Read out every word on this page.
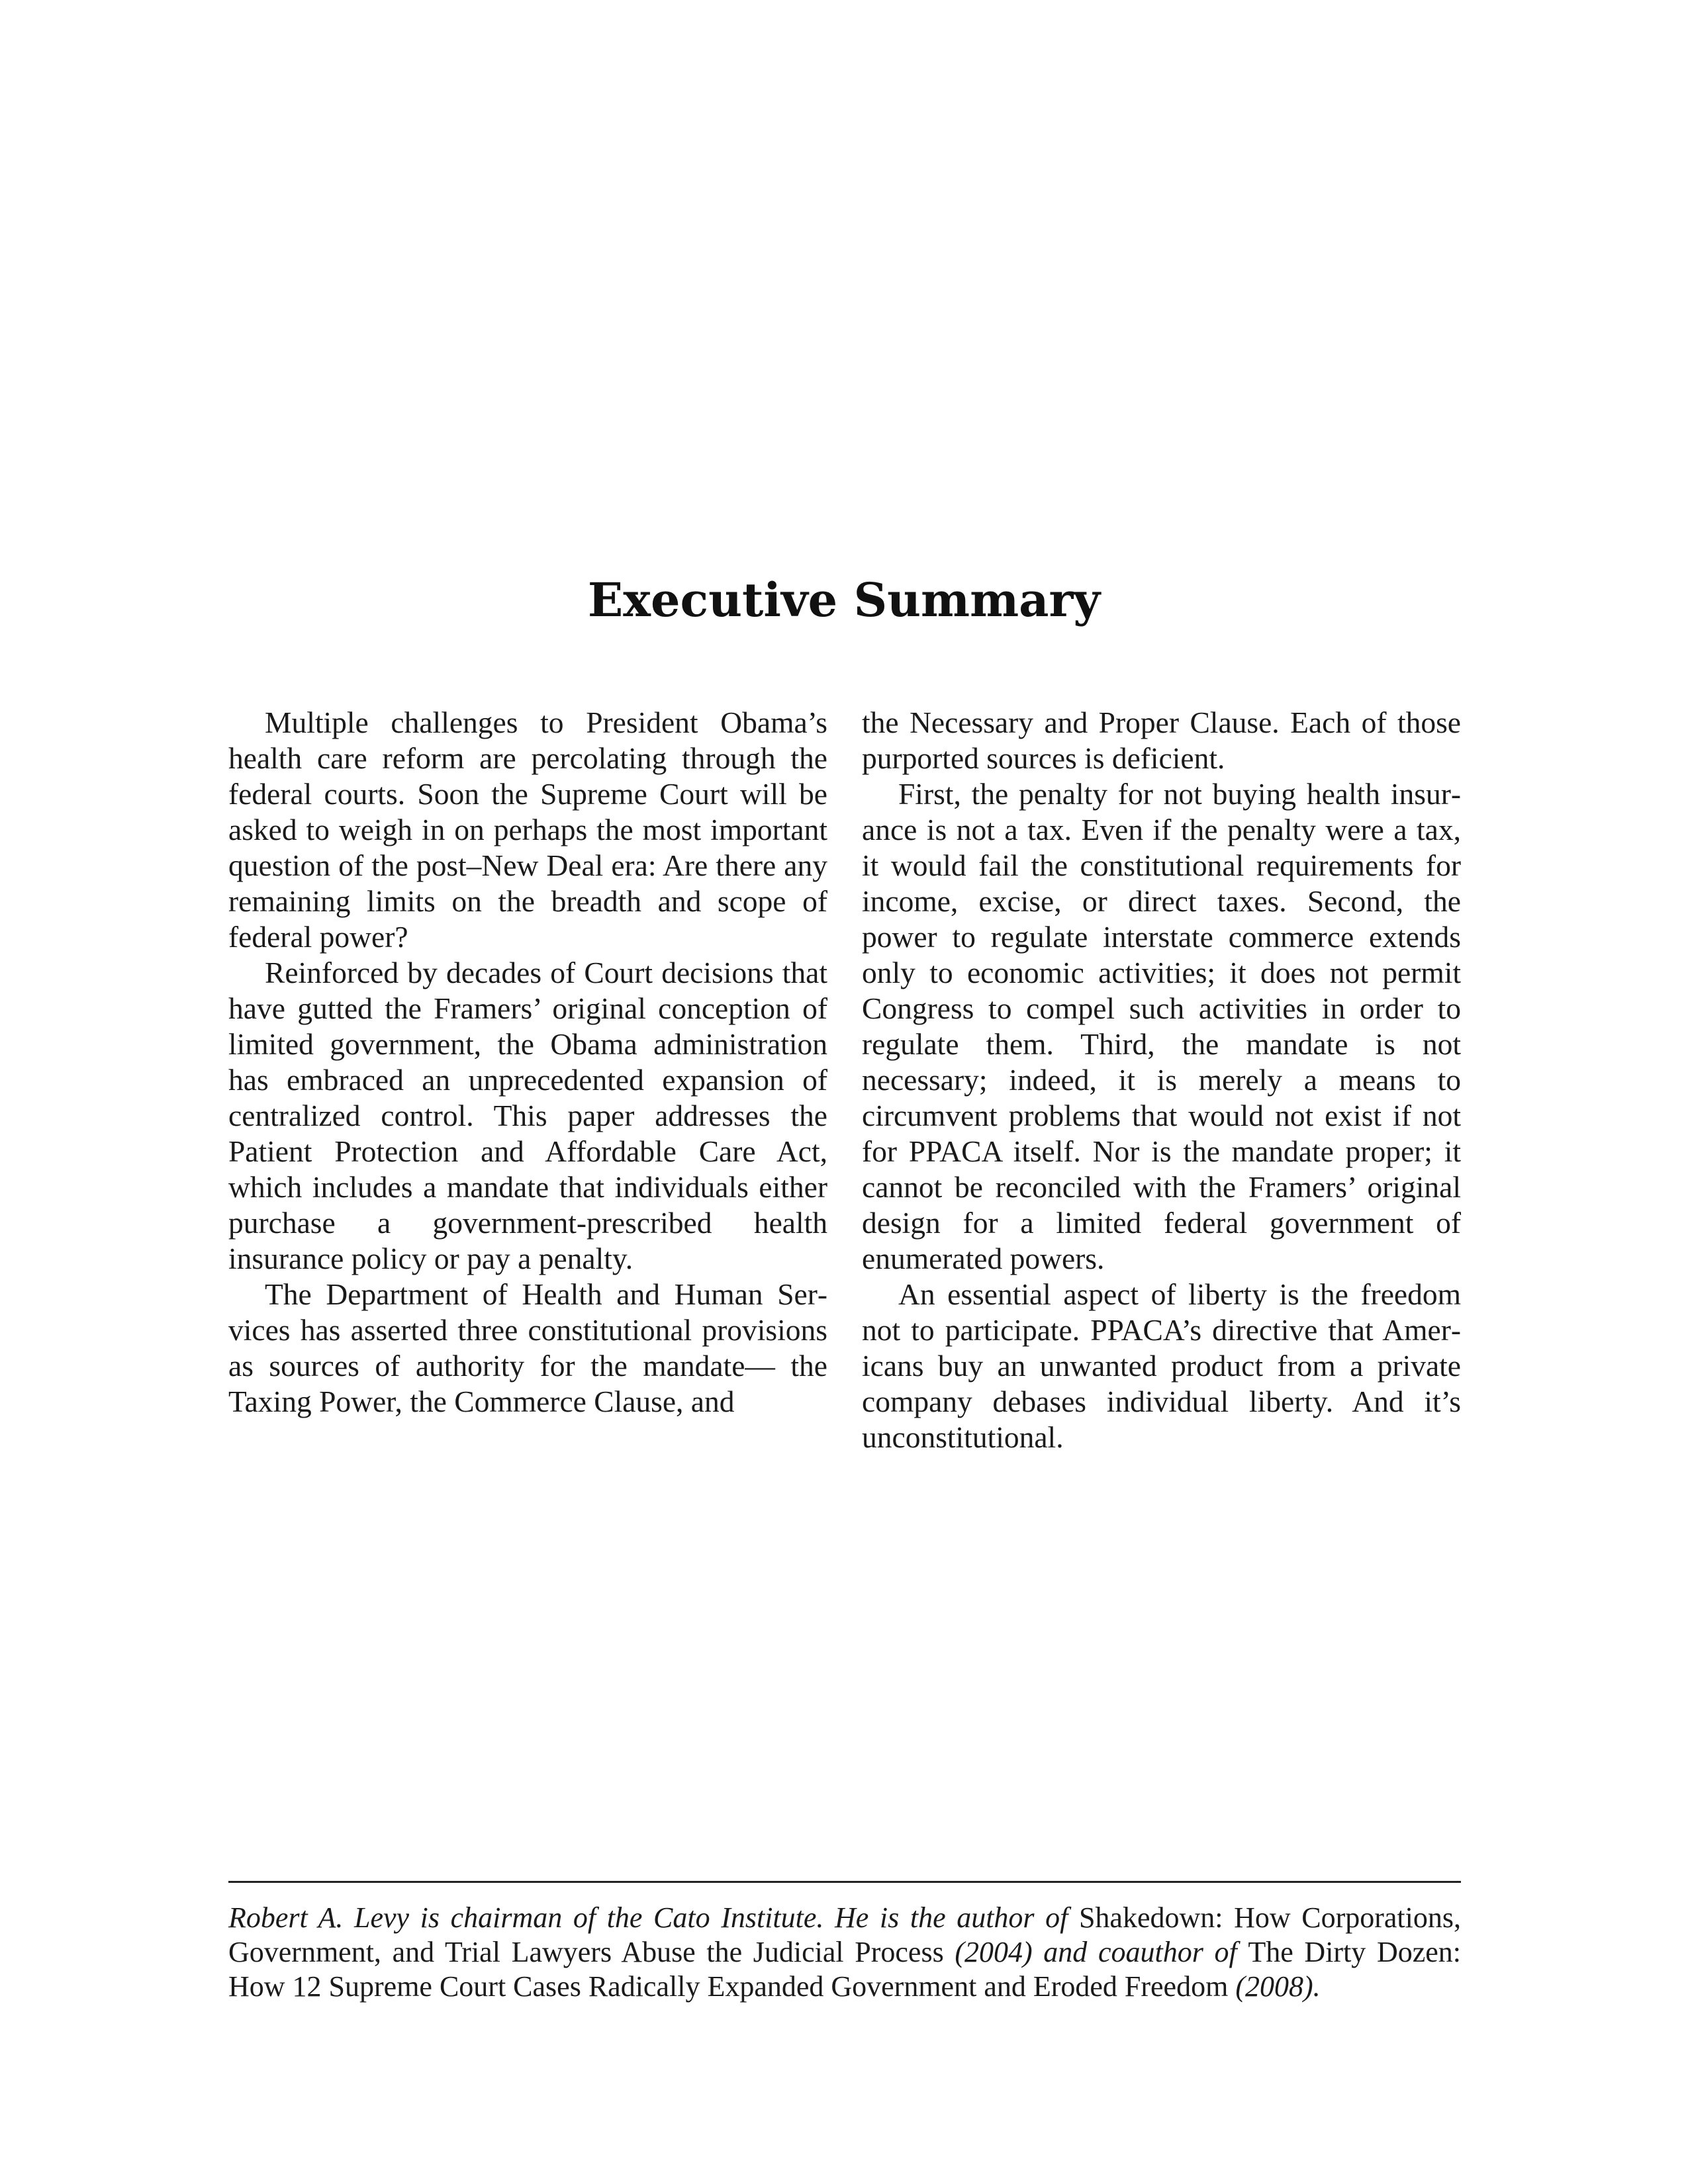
Executive Summary

Multiple challenges to President Obama’s health care reform are percolating through the federal courts. Soon the Supreme Court will be asked to weigh in on perhaps the most important question of the post–New Deal era: Are there any remaining limits on the breadth and scope of federal power?

Reinforced by decades of Court decisions that have gutted the Framers’ original conception of limited government, the Obama administration has embraced an unprecedented expansion of centralized control. This paper addresses the Patient Protection and Affordable Care Act, which includes a mandate that individuals either purchase a government-prescribed health insurance policy or pay a penalty.

The Department of Health and Human Services has asserted three constitutional provisions as sources of authority for the mandate— the Taxing Power, the Commerce Clause, and

the Necessary and Proper Clause. Each of those purported sources is deficient.

First, the penalty for not buying health insurance is not a tax. Even if the penalty were a tax, it would fail the constitutional requirements for income, excise, or direct taxes. Second, the power to regulate interstate commerce extends only to economic activities; it does not permit Congress to compel such activities in order to regulate them. Third, the mandate is not necessary; indeed, it is merely a means to circumvent problems that would not exist if not for PPACA itself. Nor is the mandate proper; it cannot be reconciled with the Framers’ original design for a limited federal government of enumerated powers.

An essential aspect of liberty is the freedom not to participate. PPACA’s directive that Americans buy an unwanted product from a private company debases individual liberty. And it’s unconstitutional.

Robert A. Levy is chairman of the Cato Institute. He is the author of Shakedown: How Corporations, Government, and Trial Lawyers Abuse the Judicial Process (2004) and coauthor of The Dirty Dozen: How 12 Supreme Court Cases Radically Expanded Government and Eroded Freedom (2008).
